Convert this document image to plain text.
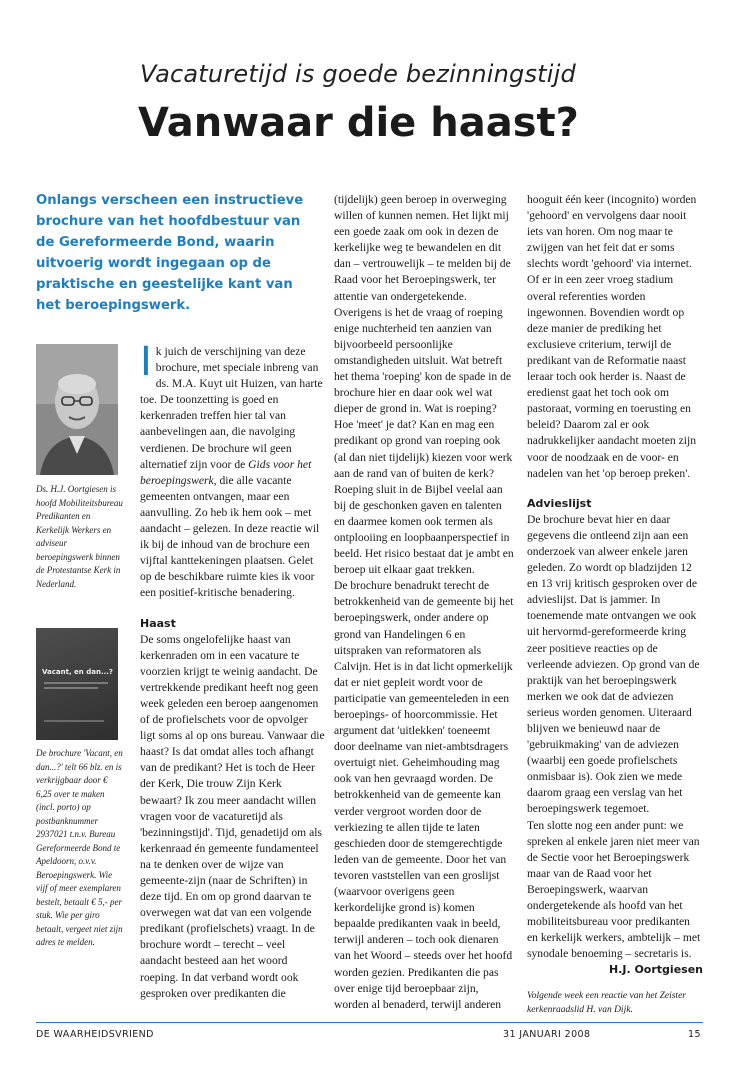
Vacaturetijd is goede bezinningstijd
Vanwaar die haast?

Onlangs verscheen een instructieve brochure van het hoofdbestuur van de Gereformeerde Bond, waarin uitvoerig wordt ingegaan op de praktische en geestelijke kant van het beroepingswerk.

Ds. H.J. Oortgiesen is hoofd Mobiliteitsbureau Predikanten en Kerkelijk Werkers en adviseur beroepingswerk binnen de Protestantse Kerk in Nederland.

Vacant, en dan...?

De brochure 'Vacant, en dan...?' telt 66 blz. en is verkrijgbaar door € 6,25 over te maken (incl. porto) op postbanknummer 2937021 t.n.v. Bureau Gereformeerde Bond te Apeldoorn, o.v.v. Beroepingswerk. Wie vijf of meer exemplaren bestelt, betaalt € 5,- per stuk. Wie per giro betaalt, vergeet niet zijn adres te melden.

Ik juich de verschijning van deze brochure, met speciale inbreng van ds. M.A. Kuyt uit Huizen, van harte toe. De toonzetting is goed en kerkenraden treffen hier tal van aanbevelingen aan, die navolging verdienen. De brochure wil geen alternatief zijn voor de Gids voor het beroepingswerk, die alle vacante gemeenten ontvangen, maar een aanvulling. Zo heb ik hem ook – met aandacht – gelezen. In deze reactie wil ik bij de inhoud van de brochure een vijftal kanttekeningen plaatsen. Gelet op de beschikbare ruimte kies ik voor een positief-kritische benadering.

Haast

De soms ongelofelijke haast van kerkenraden om in een vacature te voorzien krijgt te weinig aandacht. De vertrekkende predikant heeft nog geen week geleden een beroep aangenomen of de profielschets voor de opvolger ligt soms al op ons bureau. Vanwaar die haast? Is dat omdat alles toch afhangt van de predikant? Het is toch de Heer der Kerk, Die trouw Zijn Kerk bewaart? Ik zou meer aandacht willen vragen voor de vacaturetijd als 'bezinningstijd'. Tijd, genadetijd om als kerkenraad én gemeente fundamenteel na te denken over de wijze van gemeente-zijn (naar de Schriften) in deze tijd. En om op grond daarvan te overwegen wat dat van een volgende predikant (profielschets) vraagt. In de brochure wordt – terecht – veel aandacht besteed aan het woord roeping. In dat verband wordt ook gesproken over predikanten die

(tijdelijk) geen beroep in overweging willen of kunnen nemen. Het lijkt mij een goede zaak om ook in dezen de kerkelijke weg te bewandelen en dit dan – vertrouwelijk – te melden bij de Raad voor het Beroepingswerk, ter attentie van ondergetekende. Overigens is het de vraag of roeping enige nuchterheid ten aanzien van bijvoorbeeld persoonlijke omstandigheden uitsluit. Wat betreft het thema 'roeping' kon de spade in de brochure hier en daar ook wel wat dieper de grond in. Wat is roeping? Hoe 'meet' je dat? Kan en mag een predikant op grond van roeping ook (al dan niet tijdelijk) kiezen voor werk aan de rand van of buiten de kerk? Roeping sluit in de Bijbel veelal aan bij de geschonken gaven en talenten en daarmee komen ook termen als ontplooiing en loopbaanperspectief in beeld. Het risico bestaat dat je ambt en beroep uit elkaar gaat trekken.

De brochure benadrukt terecht de betrokkenheid van de gemeente bij het beroepingswerk, onder andere op grond van Handelingen 6 en uitspraken van reformatoren als Calvijn. Het is in dat licht opmerkelijk dat er niet gepleit wordt voor de participatie van gemeenteleden in een beroepings- of hoorcommissie. Het argument dat 'uitlekken' toeneemt door deelname van niet-ambtsdragers overtuigt niet. Geheimhouding mag ook van hen gevraagd worden. De betrokkenheid van de gemeente kan verder vergroot worden door de verkiezing te allen tijde te laten geschieden door de stemgerechtigde leden van de gemeente. Door het van tevoren vaststellen van een groslijst (waarvoor overigens geen kerkordelijke grond is) komen bepaalde predikanten vaak in beeld, terwijl anderen – toch ook dienaren van het Woord – steeds over het hoofd worden gezien. Predikanten die pas over enige tijd beroepbaar zijn, worden al benaderd, terwijl anderen

hooguit één keer (incognito) worden 'gehoord' en vervolgens daar nooit iets van horen. Om nog maar te zwijgen van het feit dat er soms slechts wordt 'gehoord' via internet. Of er in een zeer vroeg stadium overal referenties worden ingewonnen. Bovendien wordt op deze manier de prediking het exclusieve criterium, terwijl de predikant van de Reformatie naast leraar toch ook herder is. Naast de eredienst gaat het toch ook om pastoraat, vorming en toerusting en beleid? Daarom zal er ook nadrukkelijker aandacht moeten zijn voor de noodzaak en de voor- en nadelen van het 'op beroep preken'.

Advieslijst

De brochure bevat hier en daar gegevens die ontleend zijn aan een onderzoek van alweer enkele jaren geleden. Zo wordt op bladzijden 12 en 13 vrij kritisch gesproken over de advieslijst. Dat is jammer. In toenemende mate ontvangen we ook uit hervormd-gereformeerde kring zeer positieve reacties op de verleende adviezen. Op grond van de praktijk van het beroepingswerk merken we ook dat de adviezen serieus worden genomen. Uiteraard blijven we benieuwd naar de 'gebruikmaking' van de adviezen (waarbij een goede profielschets onmisbaar is). Ook zien we mede daarom graag een verslag van het beroepingswerk tegemoet.

Ten slotte nog een ander punt: we spreken al enkele jaren niet meer van de Sectie voor het Beroepingswerk maar van de Raad voor het Beroepingswerk, waarvan ondergetekende als hoofd van het mobiliteitsbureau voor predikanten en kerkelijk werkers, ambtelijk – met synodale benoeming – secretaris is.

H.J. Oortgiesen

Volgende week een reactie van het Zeister kerkenraadslid H. van Dijk.

DE WAARHEIDSVRIEND	31 JANUARI 2008	15
